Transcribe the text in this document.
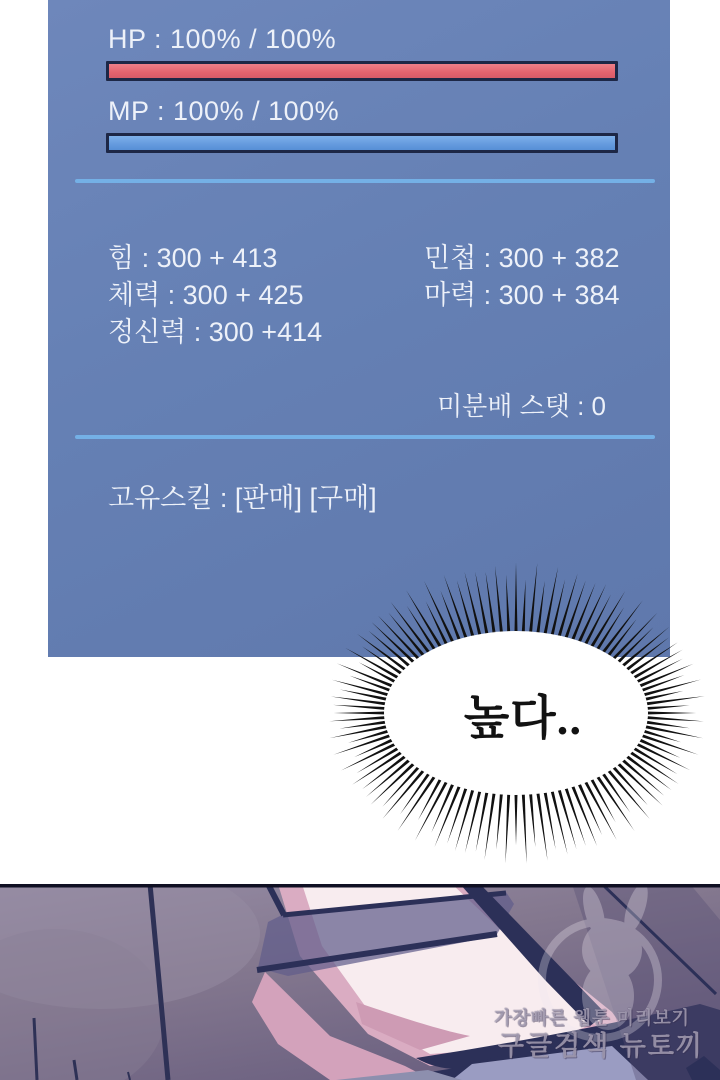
HP : 100% / 100%
MP : 100% / 100%
힘 : 300 + 413
체력 : 300 + 425
정신력 : 300 +414
민첩 : 300 + 382
마력 : 300 + 384
미분배 스탯 : 0
고유스킬 : [판매] [구매]
높다..
가장빠른 웹툰 미리보기
구글검색 뉴토끼
